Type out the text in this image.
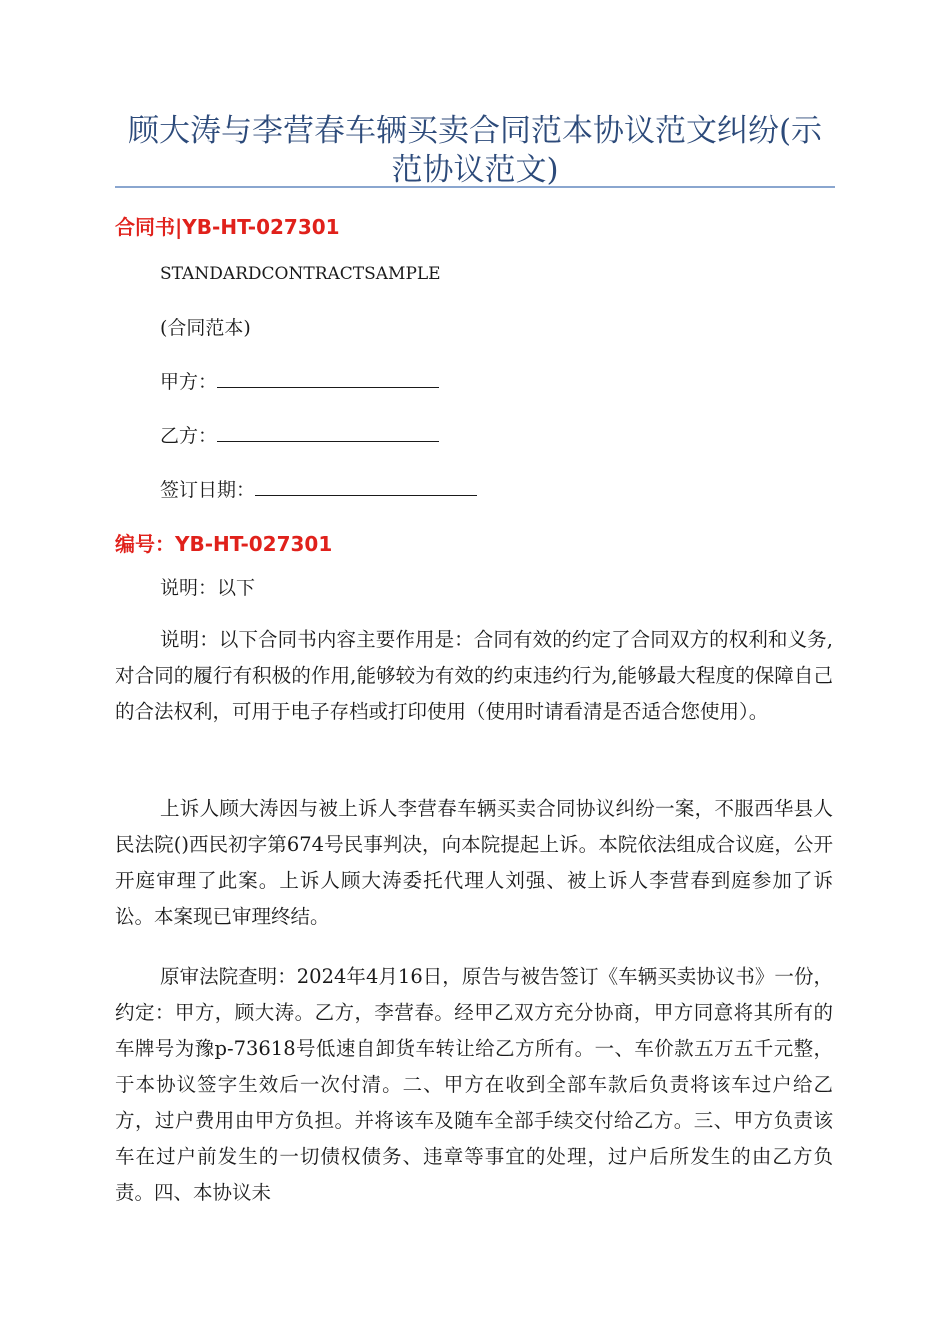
顾大涛与李营春车辆买卖合同范本协议范文纠纷(示范协议范文)
合同书|YB-HT-027301
STANDARDCONTRACTSAMPLE
(合同范本)
甲方：
乙方：
签订日期：
编号：YB-HT-027301
说明：以下

说明：以下合同书内容主要作用是：合同有效的约定了合同双方的权利和义务,对合同的履行有积极的作用,能够较为有效的约束违约行为,能够最大程度的保障自己的合法权利，可用于电子存档或打印使用（使用时请看清是否适合您使用）。

上诉人顾大涛因与被上诉人李营春车辆买卖合同协议纠纷一案，不服西华县人民法院()西民初字第674号民事判决，向本院提起上诉。本院依法组成合议庭，公开开庭审理了此案。上诉人顾大涛委托代理人刘强、被上诉人李营春到庭参加了诉讼。本案现已审理终结。

原审法院查明：2024年4月16日，原告与被告签订《车辆买卖协议书》一份，约定：甲方，顾大涛。乙方，李营春。经甲乙双方充分协商，甲方同意将其所有的车牌号为豫p-73618号低速自卸货车转让给乙方所有。一、车价款五万五千元整，于本协议签字生效后一次付清。二、甲方在收到全部车款后负责将该车过户给乙方，过户费用由甲方负担。并将该车及随车全部手续交付给乙方。三、甲方负责该车在过户前发生的一切债权债务、违章等事宜的处理，过户后所发生的由乙方负责。四、本协议未
